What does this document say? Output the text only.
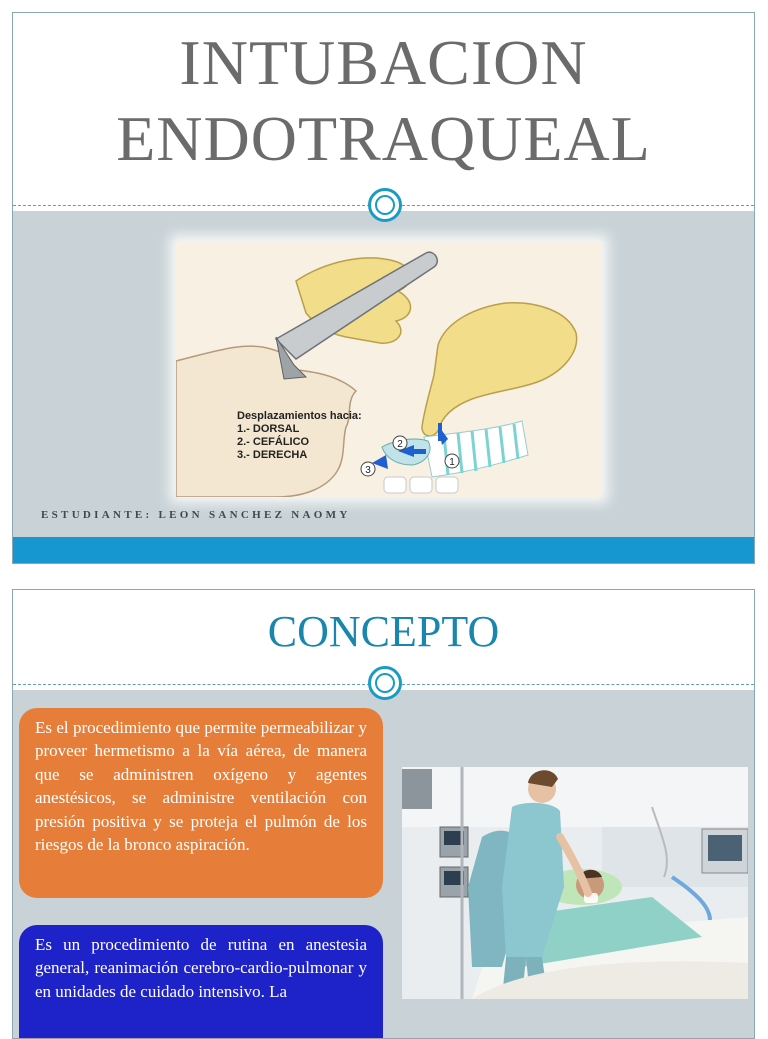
INTUBACION
ENDOTRAQUEAL
1
2
3
Desplazamientos hacia:
1.- DORSAL
2.- CEFÁLICO
3.- DERECHA

ESTUDIANTE: LEON SANCHEZ NAOMY

CONCEPTO
Es el procedimiento que permite permeabilizar y proveer hermetismo a la vía aérea, de manera que se administren oxígeno y agentes anestésicos, se administre ventilación con presión positiva y se proteja el pulmón de los riesgos de la bronco aspiración.
Es un procedimiento de rutina en anestesia general, reanimación cerebro-cardio-pulmonar y en unidades de cuidado intensivo. La
